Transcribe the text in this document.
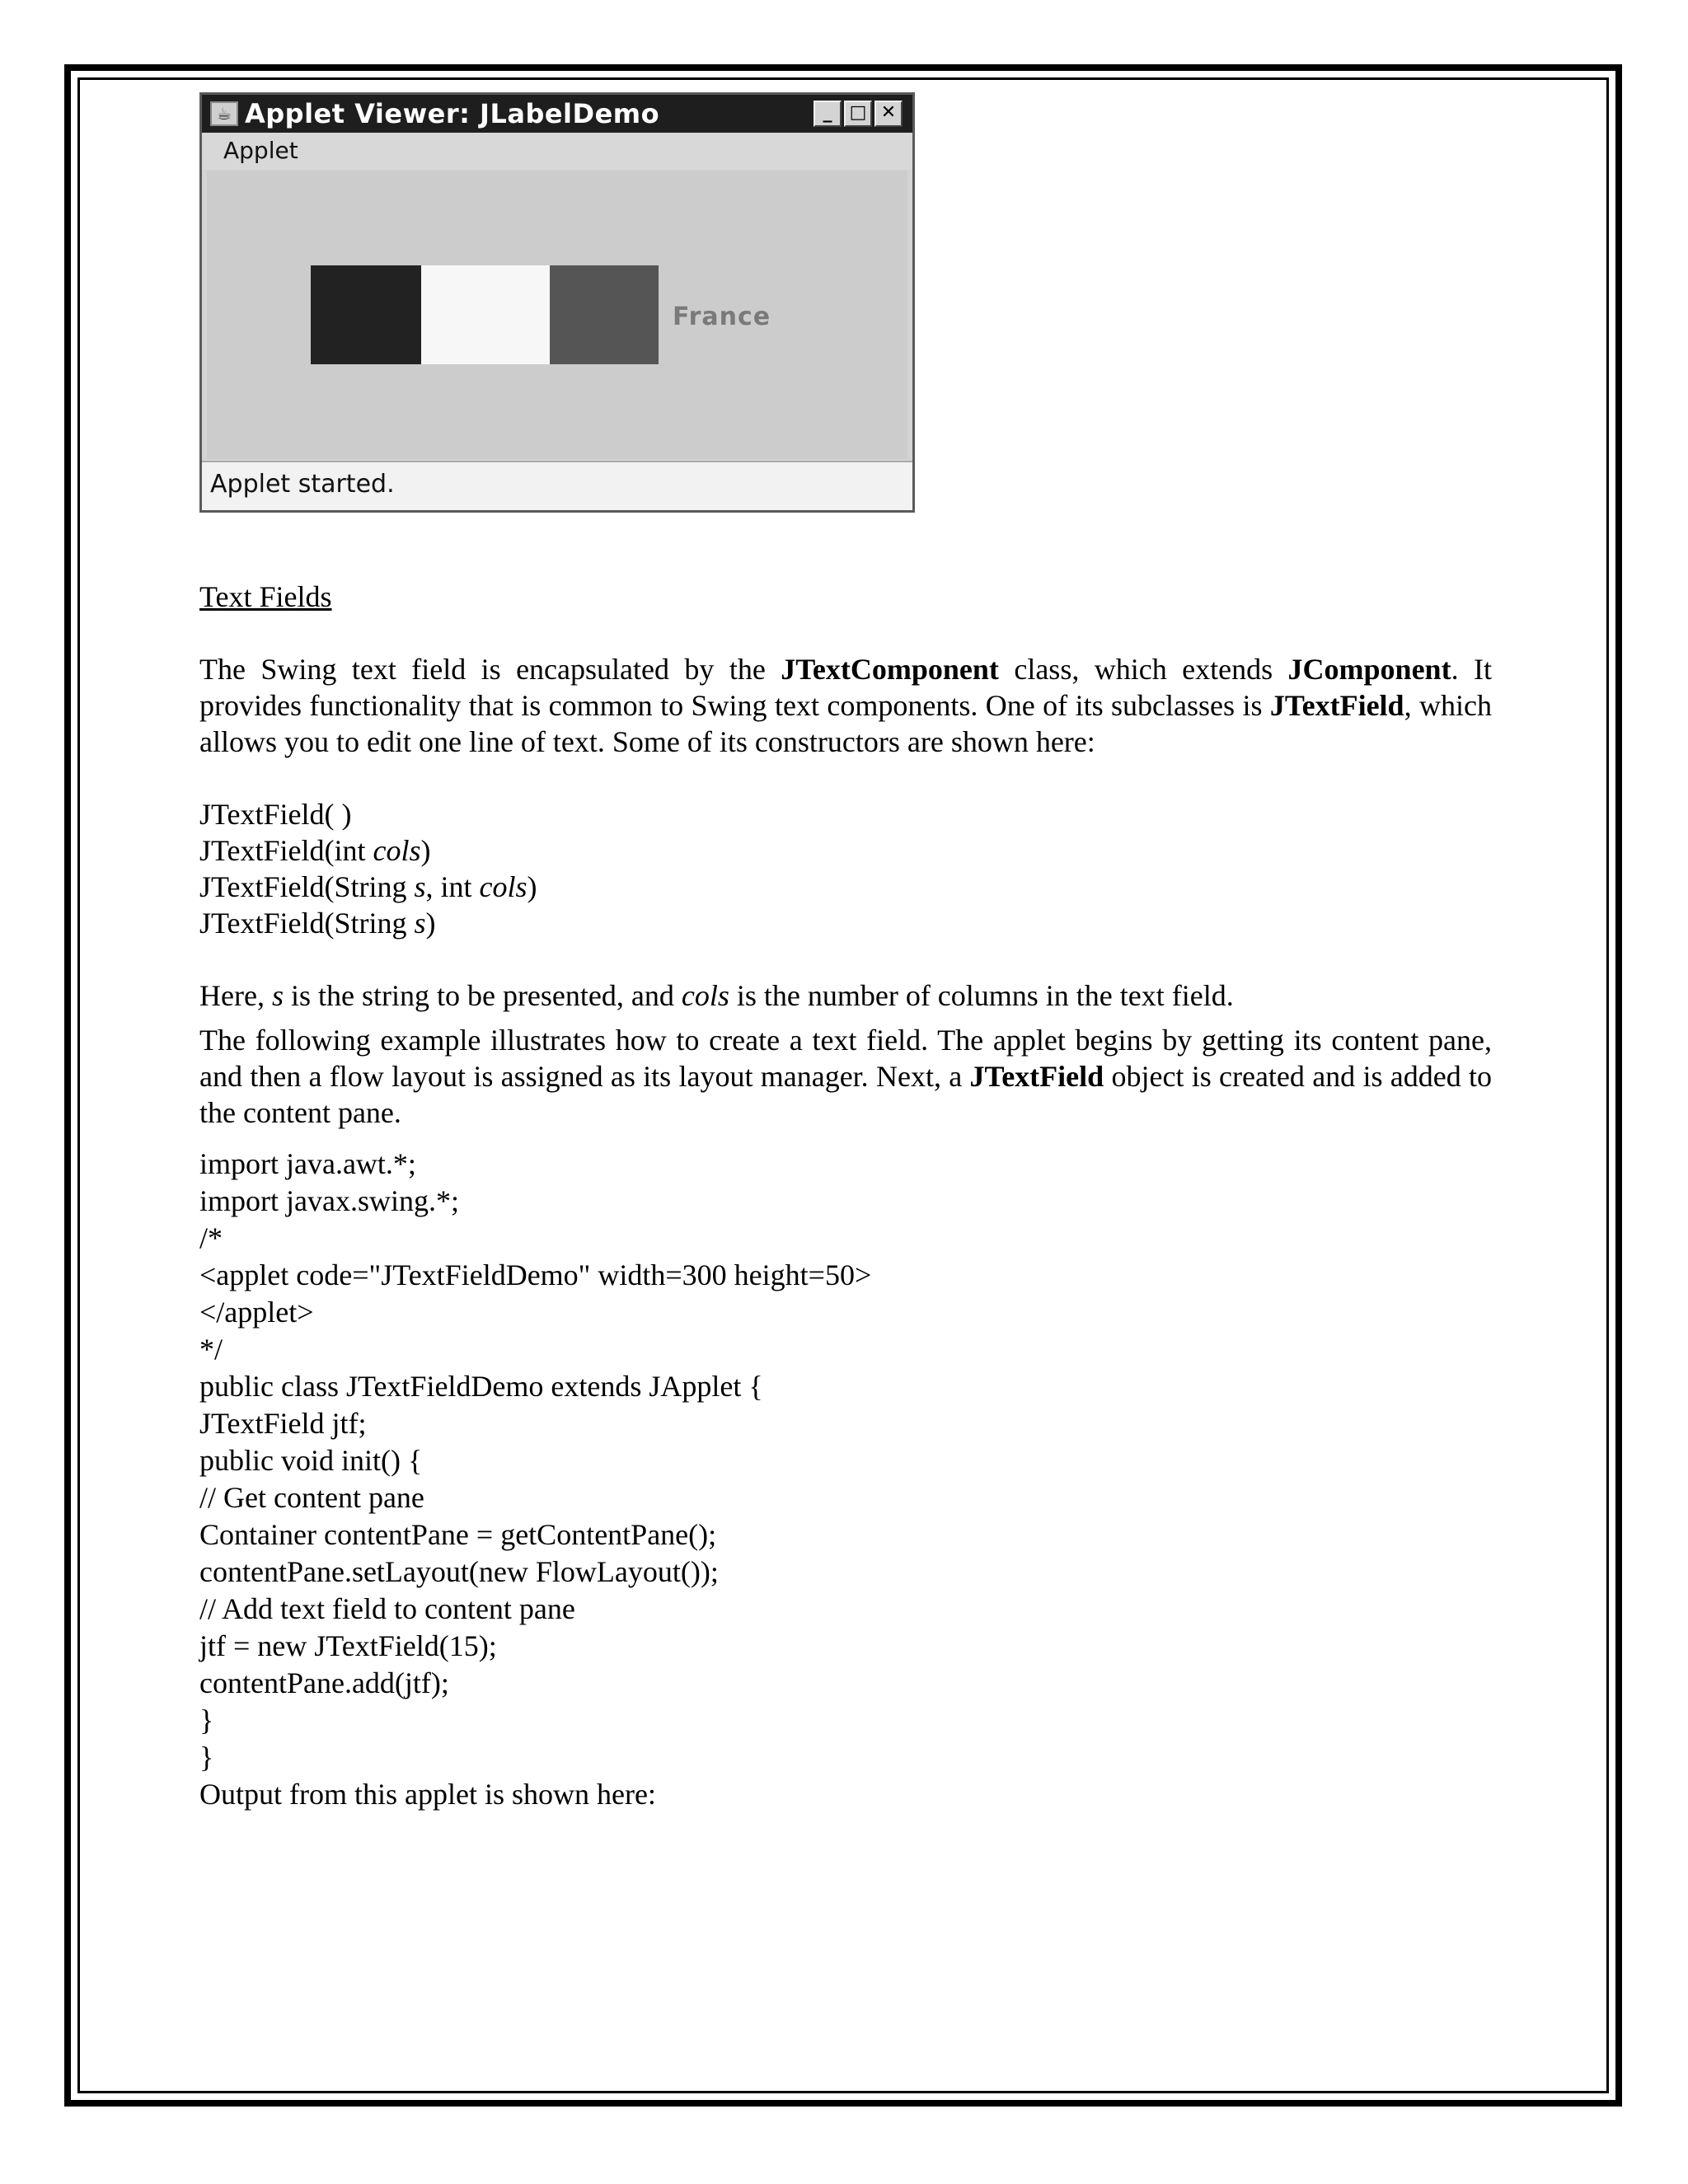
☕ Applet Viewer: JLabelDemo	_ □ ✕
Applet
France
Applet started.

Text Fields

The Swing text field is encapsulated by the JTextComponent class, which extends JComponent. It provides functionality that is common to Swing text components. One of its subclasses is JTextField, which allows you to edit one line of text. Some of its constructors are shown here:

JTextField( )

JTextField(int cols)

JTextField(String s, int cols)

JTextField(String s)

Here, s is the string to be presented, and cols is the number of columns in the text field.

The following example illustrates how to create a text field. The applet begins by getting its content pane, and then a flow layout is assigned as its layout manager. Next, a JTextField object is created and is added to the content pane.

import java.awt.*;
import javax.swing.*;
/*
<applet code="JTextFieldDemo" width=300 height=50>
</applet>
*/
public class JTextFieldDemo extends JApplet {
JTextField jtf;
public void init() {
// Get content pane
Container contentPane = getContentPane();
contentPane.setLayout(new FlowLayout());
// Add text field to content pane
jtf = new JTextField(15);
contentPane.add(jtf);
}
}
Output from this applet is shown here:
